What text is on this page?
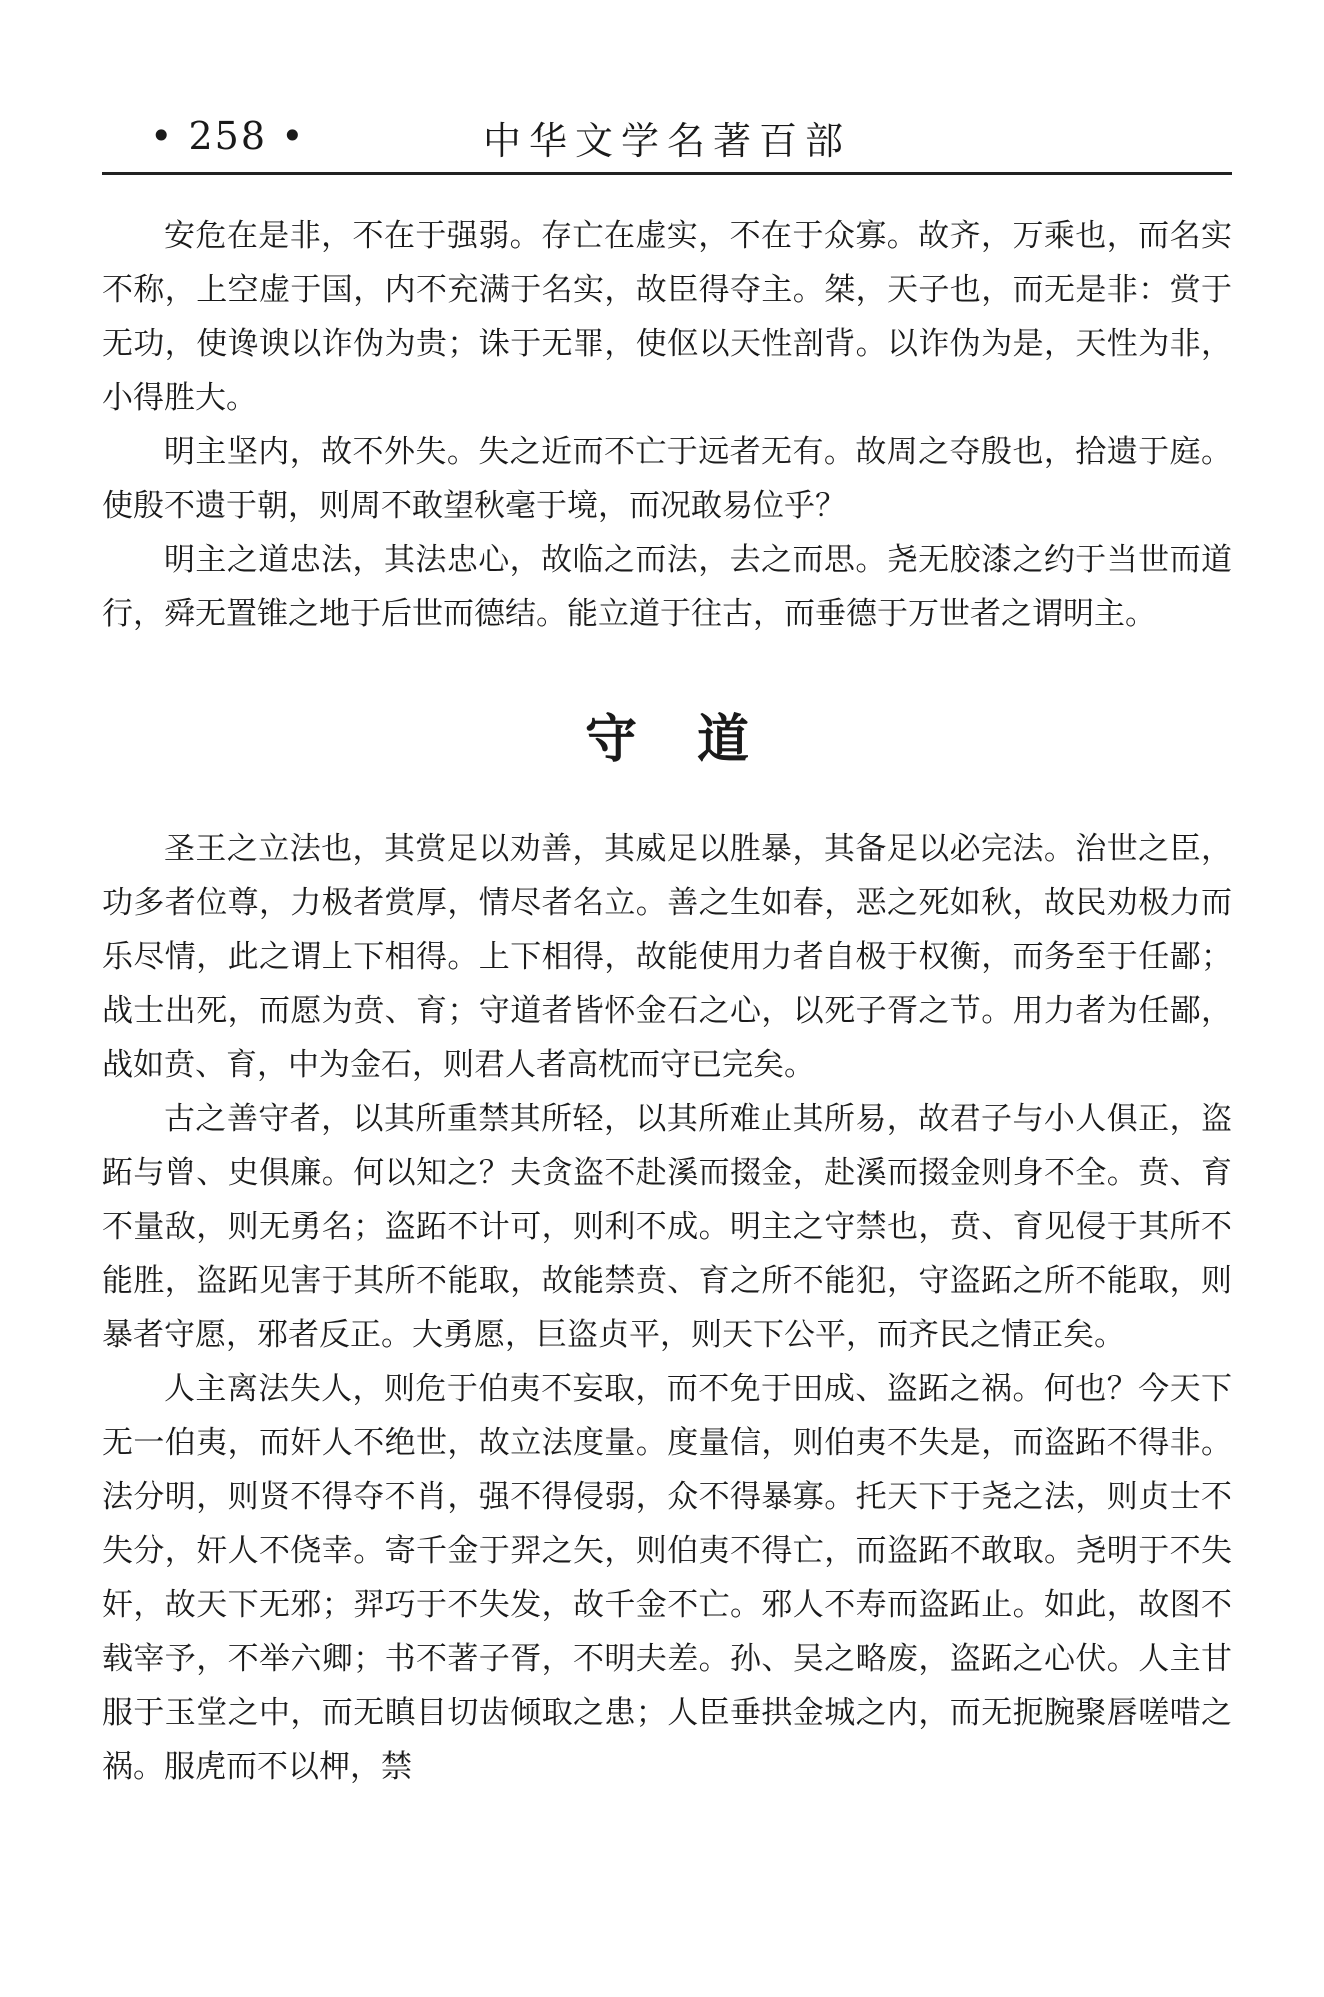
• 258 •	中华文学名著百部

安危在是非，不在于强弱。存亡在虚实，不在于众寡。故齐，万乘也，而名实不称，上空虚于国，内不充满于名实，故臣得夺主。桀，天子也，而无是非：赏于无功，使谗谀以诈伪为贵；诛于无罪，使伛以天性剖背。以诈伪为是，天性为非，小得胜大。

明主坚内，故不外失。失之近而不亡于远者无有。故周之夺殷也，拾遗于庭。使殷不遗于朝，则周不敢望秋毫于境，而况敢易位乎？

明主之道忠法，其法忠心，故临之而法，去之而思。尧无胶漆之约于当世而道行，舜无置锥之地于后世而德结。能立道于往古，而垂德于万世者之谓明主。

守道

圣王之立法也，其赏足以劝善，其威足以胜暴，其备足以必完法。治世之臣，功多者位尊，力极者赏厚，情尽者名立。善之生如春，恶之死如秋，故民劝极力而乐尽情，此之谓上下相得。上下相得，故能使用力者自极于权衡，而务至于任鄙；战士出死，而愿为贲、育；守道者皆怀金石之心，以死子胥之节。用力者为任鄙，战如贲、育，中为金石，则君人者高枕而守已完矣。

古之善守者，以其所重禁其所轻，以其所难止其所易，故君子与小人俱正，盗跖与曾、史俱廉。何以知之？夫贪盗不赴溪而掇金，赴溪而掇金则身不全。贲、育不量敌，则无勇名；盗跖不计可，则利不成。明主之守禁也，贲、育见侵于其所不能胜，盗跖见害于其所不能取，故能禁贲、育之所不能犯，守盗跖之所不能取，则暴者守愿，邪者反正。大勇愿，巨盗贞平，则天下公平，而齐民之情正矣。

人主离法失人，则危于伯夷不妄取，而不免于田成、盗跖之祸。何也？今天下无一伯夷，而奸人不绝世，故立法度量。度量信，则伯夷不失是，而盗跖不得非。法分明，则贤不得夺不肖，强不得侵弱，众不得暴寡。托天下于尧之法，则贞士不失分，奸人不侥幸。寄千金于羿之矢，则伯夷不得亡，而盗跖不敢取。尧明于不失奸，故天下无邪；羿巧于不失发，故千金不亡。邪人不寿而盗跖止。如此，故图不载宰予，不举六卿；书不著子胥，不明夫差。孙、吴之略废，盗跖之心伏。人主甘服于玉堂之中，而无瞋目切齿倾取之患；人臣垂拱金城之内，而无扼腕聚唇嗟唶之祸。服虎而不以柙，禁
